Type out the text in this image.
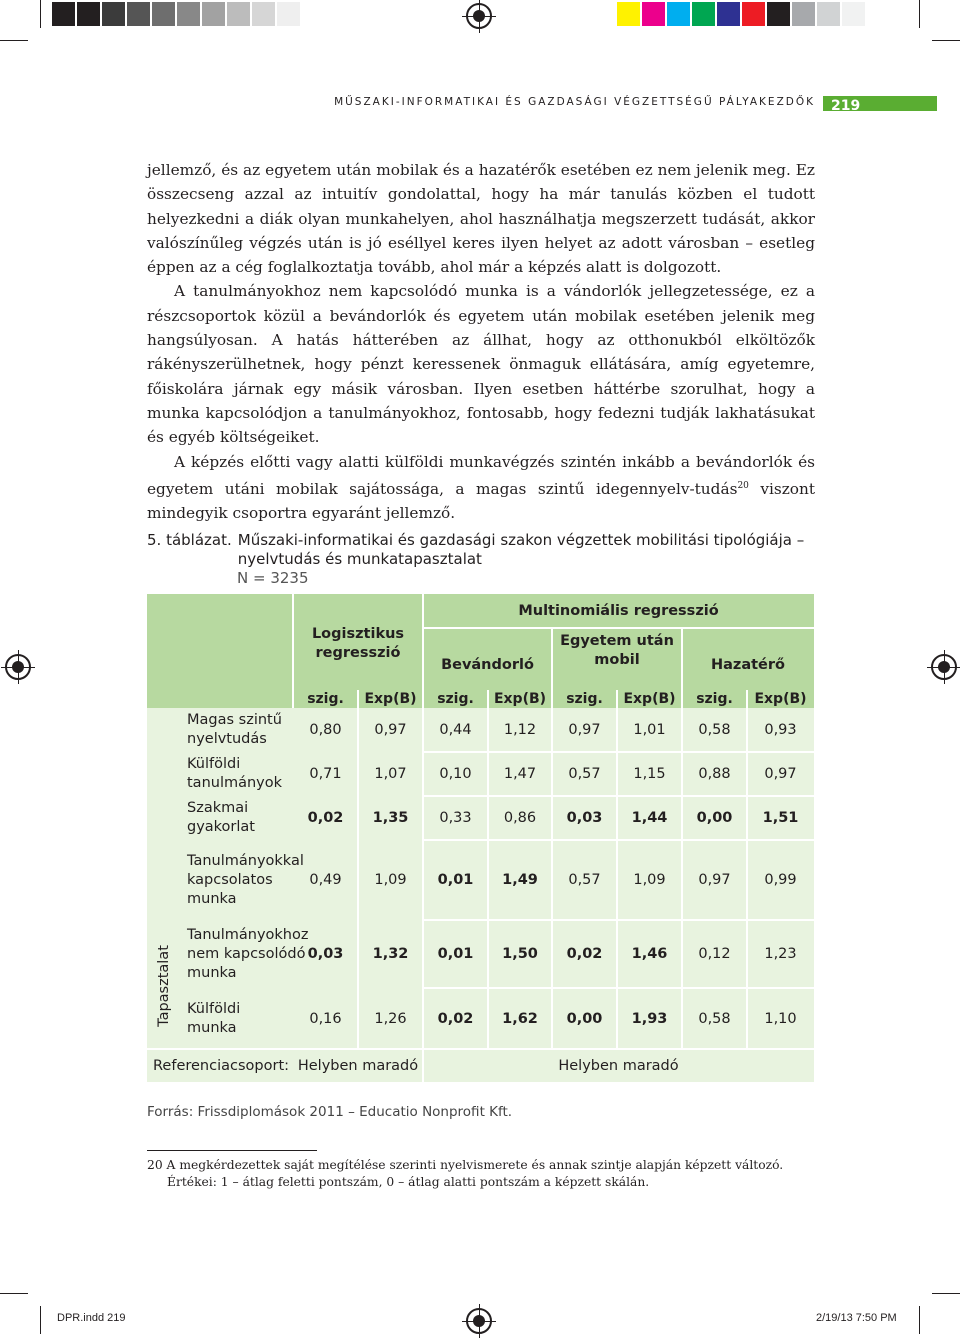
MŰSZAKI-INFORMATIKAI ÉS GAZDASÁGI VÉGZETTSÉGŰ PÁLYAKEZDŐK	219

jellemző, és az egyetem után mobilak és a hazatérők esetében ez nem jelenik meg. Ez összecseng azzal az intuitív gondolattal, hogy ha már tanulás közben el tudott helyezkedni a diák olyan munkahelyen, ahol használhatja megszerzett tudását, akkor valószínűleg végzés után is jó eséllyel keres ilyen helyet az adott városban – esetleg éppen az a cég foglalkoztatja tovább, ahol már a képzés alatt is dolgozott.

A tanulmányokhoz nem kapcsolódó munka is a vándorlók jellegzetessége, ez a részcsoportok közül a bevándorlók és egyetem után mobilak esetében jelenik meg hangsúlyosan. A hatás hátterében az állhat, hogy az otthonukból elköltözők rákényszerülhetnek, hogy pénzt keressenek önmaguk ellátására, amíg egyetemre, főiskolára járnak egy másik városban. Ilyen esetben háttérbe szorulhat, hogy a munka kapcsolódjon a tanulmányokhoz, fontosabb, hogy fedezni tudják lakhatásukat és egyéb költségeiket.

A képzés előtti vagy alatti külföldi munkavégzés szintén inkább a bevándorlók és egyetem utáni mobilak sajátossága, a magas szintű idegennyelv-tudás$^{20}$ viszont mindegyik csoportra egyaránt jellemző.

5. táblázat. Műszaki-informatikai és gazdasági szakon végzettek mobilitási tipológiája – nyelvtudás és munkatapasztalat
N = 3235
Logisztikus regresszió
Multinomiális regresszió
Bevándorló
Egyetem után mobil	Hazatérő
szig.	Exp(B)	szig.	Exp(B)	szig.	Exp(B)	szig.	Exp(B)
Tapasztalat
Magas szintű nyelvtudás
0,80	0,97	0,44	1,12	0,97	1,01	0,58	0,93
Külföldi tanulmányok
0,71	1,07	0,10	1,47	0,57	1,15	0,88	0,97
Szakmai gyakorlat
0,02	1,35	0,33	0,86	0,03	1,44	0,00	1,51
Tanulmányokkal kapcsolatos munka
0,49	1,09	0,01	1,49	0,57	1,09	0,97	0,99
Tanulmányokhoz nem kapcsolódó munka
0,03	1,32	0,01	1,50	0,02	1,46	0,12	1,23
Külföldi munka
0,16	1,26	0,02	1,62	0,00	1,93	0,58	1,10
Referenciacsoport: Helyben maradó	Helyben maradó
Forrás: Frissdiplomások 2011 – Educatio Nonprofit Kft.
20 A megkérdezettek saját megítélése szerinti nyelvismerete és annak szintje alapján képzett változó.
Értékei: 1 – átlag feletti pontszám, 0 – átlag alatti pontszám a képzett skálán.
DPR.indd 219	2/19/13 7:50 PM
